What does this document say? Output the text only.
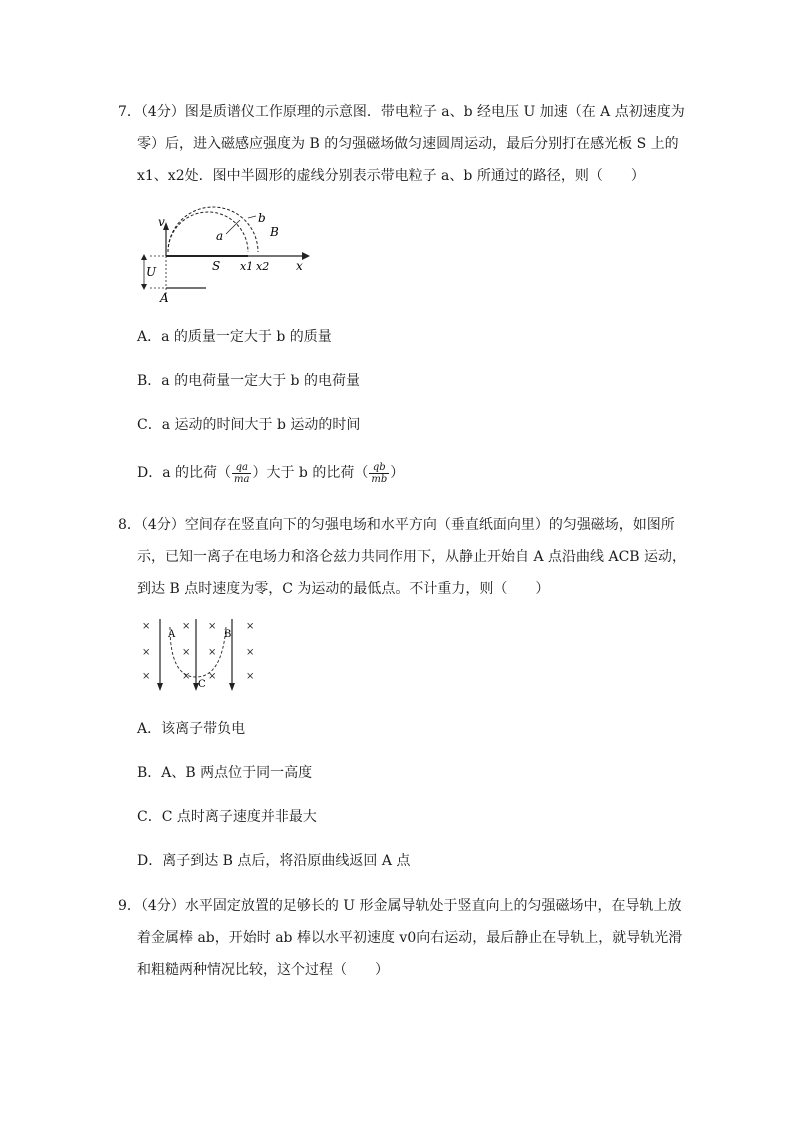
7．（4分）图是质谱仪工作原理的示意图．带电粒子 a、b 经电压 U 加速（在 A 点初速度为
零）后，进入磁感应强度为 B 的匀强磁场做匀速圆周运动，最后分别打在感光板 S 上的
x1、x2处．图中半圆形的虚线分别表示带电粒子 a、b 所通过的路径，则（　　）
v
a
b
B
U
A
S x1 x2 x
A．a 的质量一定大于 b 的质量
B．a 的电荷量一定大于 b 的电荷量
C．a 运动的时间大于 b 运动的时间
D．a 的比荷（ $\frac{qa}{ma}$ ）大于 b 的比荷（ $\frac{qb}{mb}$ ）
8．（4分）空间存在竖直向下的匀强电场和水平方向（垂直纸面向里）的匀强磁场，如图所
示，已知一离子在电场力和洛仑兹力共同作用下，从静止开始自 A 点沿曲线 ACB 运动，
到达 B 点时速度为零，C 为运动的最低点。不计重力，则（　　）
×	× ×	×
×	× ×	×
×	× ×	×
A	B
C
A．该离子带负电
B．A、B 两点位于同一高度
C．C 点时离子速度并非最大
D．离子到达 B 点后，将沿原曲线返回 A 点
9．（4分）水平固定放置的足够长的 U 形金属导轨处于竖直向上的匀强磁场中，在导轨上放
着金属棒 ab，开始时 ab 棒以水平初速度 v0向右运动，最后静止在导轨上，就导轨光滑
和粗糙两种情况比较，这个过程（　　）
